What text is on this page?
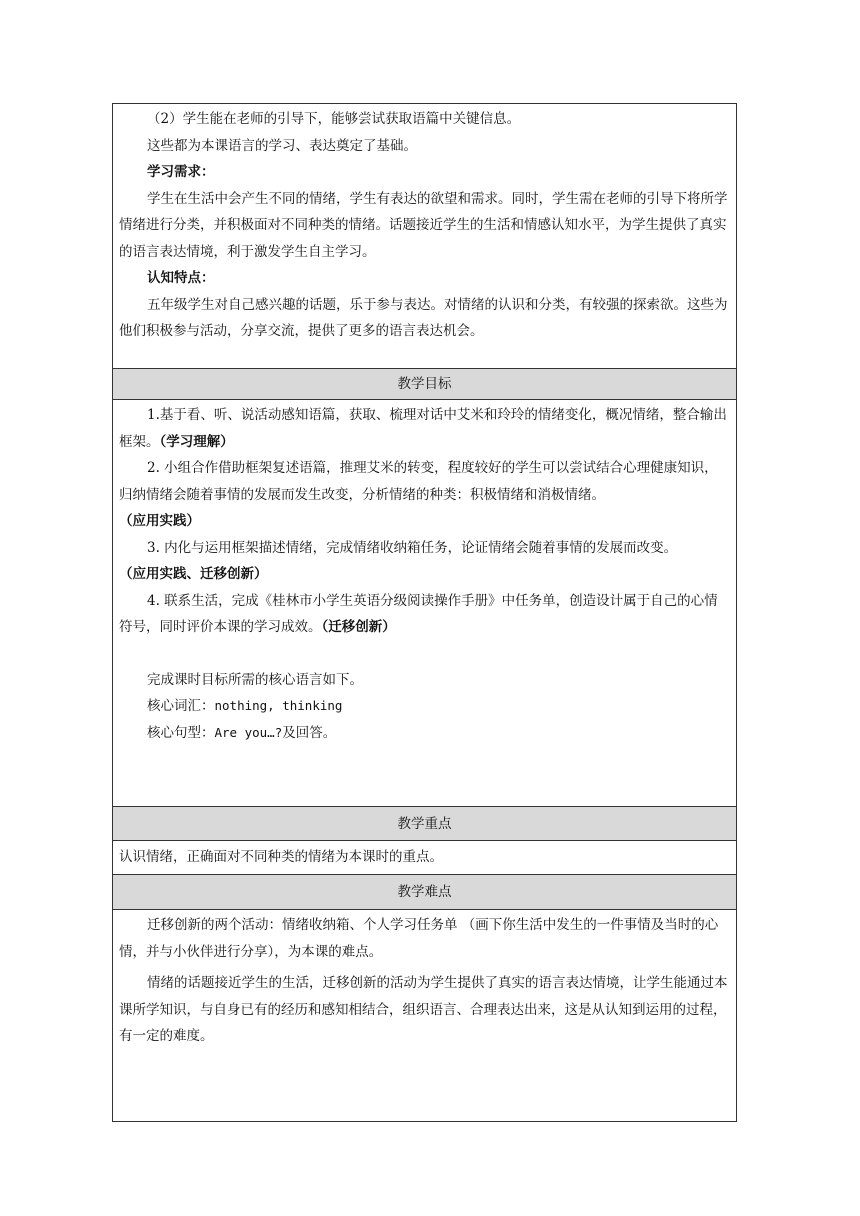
（2）学生能在老师的引导下，能够尝试获取语篇中关键信息。

这些都为本课语言的学习、表达奠定了基础。

学习需求：

学生在生活中会产生不同的情绪，学生有表达的欲望和需求。同时，学生需在老师的引导下将所学情绪进行分类，并积极面对不同种类的情绪。话题接近学生的生活和情感认知水平，为学生提供了真实的语言表达情境，利于激发学生自主学习。

认知特点：

五年级学生对自己感兴趣的话题，乐于参与表达。对情绪的认识和分类，有较强的探索欲。这些为他们积极参与活动，分享交流，提供了更多的语言表达机会。

教学目标

1.基于看、听、说活动感知语篇，获取、梳理对话中艾米和玲玲的情绪变化，概况情绪，整合输出框架。（学习理解）

2. 小组合作借助框架复述语篇，推理艾米的转变，程度较好的学生可以尝试结合心理健康知识，归纳情绪会随着事情的发展而发生改变，分析情绪的种类：积极情绪和消极情绪。

（应用实践）

3. 内化与运用框架描述情绪，完成情绪收纳箱任务，论证情绪会随着事情的发展而改变。

（应用实践、迁移创新）

4. 联系生活，完成《桂林市小学生英语分级阅读操作手册》中任务单，创造设计属于自己的心情符号，同时评价本课的学习成效。（迁移创新）

完成课时目标所需的核心语言如下。

核心词汇：nothing, thinking

核心句型：Are you…?及回答。

教学重点

认识情绪，正确面对不同种类的情绪为本课时的重点。

教学难点

迁移创新的两个活动：情绪收纳箱、个人学习任务单 （画下你生活中发生的一件事情及当时的心情，并与小伙伴进行分享），为本课的难点。

情绪的话题接近学生的生活，迁移创新的活动为学生提供了真实的语言表达情境，让学生能通过本课所学知识，与自身已有的经历和感知相结合，组织语言、合理表达出来，这是从认知到运用的过程，有一定的难度。
